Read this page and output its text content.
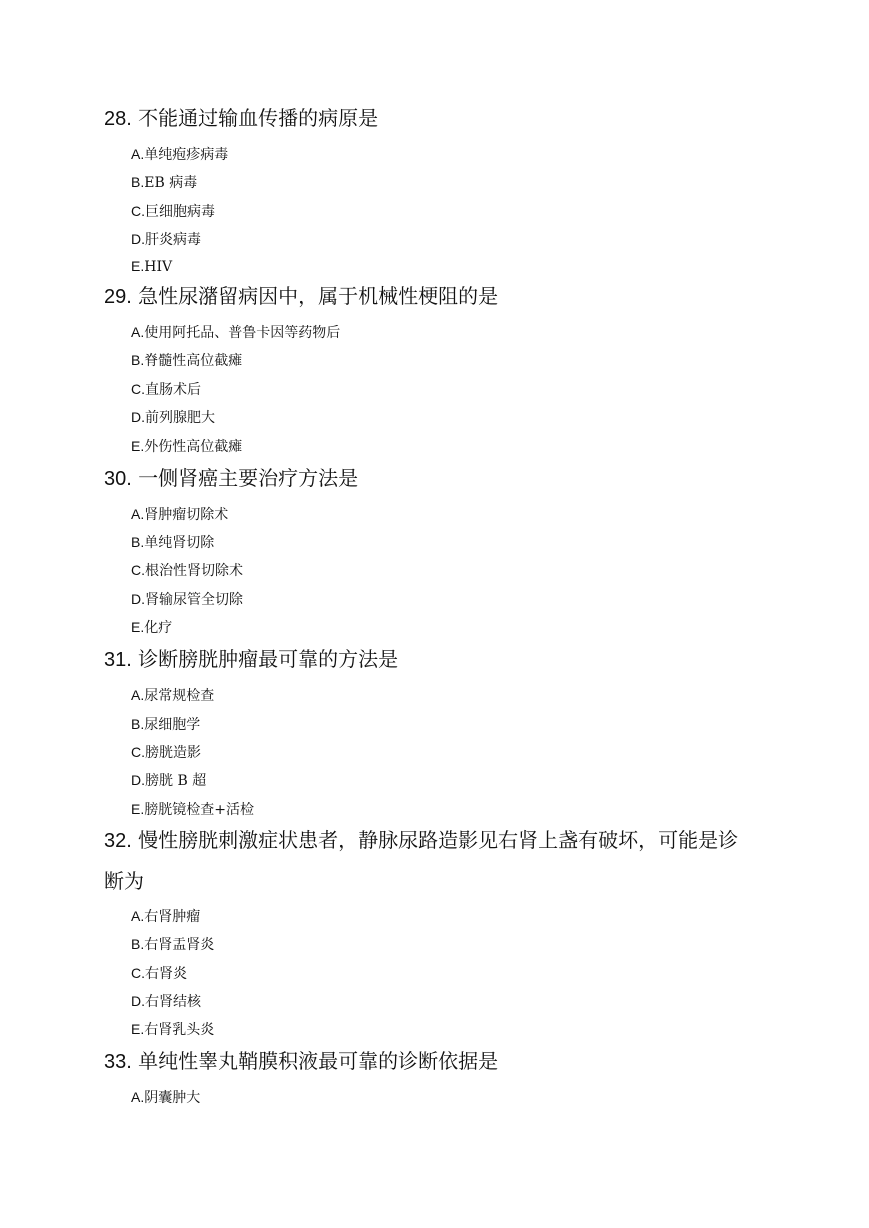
28. 不能通过输血传播的病原是
A.单纯疱疹病毒
B.EB 病毒
C.巨细胞病毒
D.肝炎病毒
E.HIV
29. 急性尿潴留病因中，属于机械性梗阻的是
A.使用阿托品、普鲁卡因等药物后
B.脊髓性高位截瘫
C.直肠术后
D.前列腺肥大
E.外伤性高位截瘫
30. 一侧肾癌主要治疗方法是
A.肾肿瘤切除术
B.单纯肾切除
C.根治性肾切除术
D.肾输尿管全切除
E.化疗
31. 诊断膀胱肿瘤最可靠的方法是
A.尿常规检查
B.尿细胞学
C.膀胱造影
D.膀胱 B 超
E.膀胱镜检查+活检
32. 慢性膀胱刺激症状患者，静脉尿路造影见右肾上盏有破坏，可能是诊
断为
A.右肾肿瘤
B.右肾盂肾炎
C.右肾炎
D.右肾结核
E.右肾乳头炎
33. 单纯性睾丸鞘膜积液最可靠的诊断依据是
A.阴囊肿大
